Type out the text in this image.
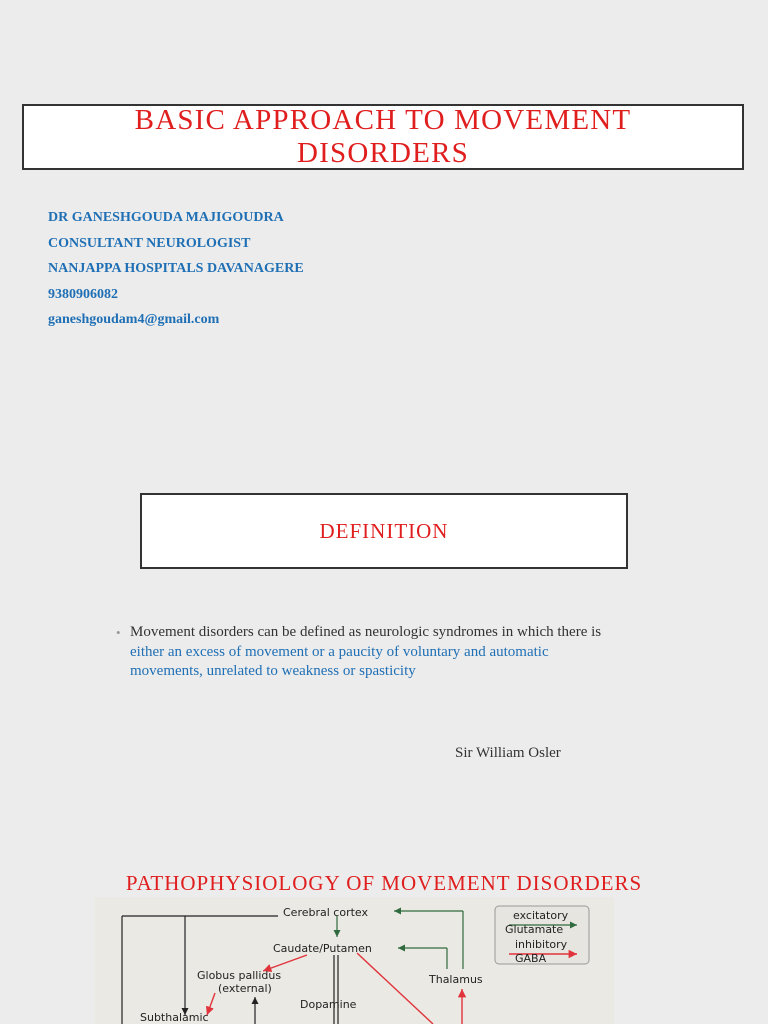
BASIC APPROACH TO MOVEMENT
DISORDERS
DR GANESHGOUDA MAJIGOUDRA
CONSULTANT NEUROLOGIST
NANJAPPA HOSPITALS DAVANAGERE
9380906082
ganeshgoudam4@gmail.com
DEFINITION
• Movement disorders can be defined as neurologic syndromes in which there is
either an excess of movement or a paucity of voluntary and automatic
movements, unrelated to weakness or spasticity
Sir William Osler
PATHOPHYSIOLOGY OF MOVEMENT DISORDERS
Cerebral cortex
Caudate/Putamen
Globus pallidus
(external)
Thalamus
Dopamine
Subthalamic
excitatory
Glutamate
inhibitory
GABA
